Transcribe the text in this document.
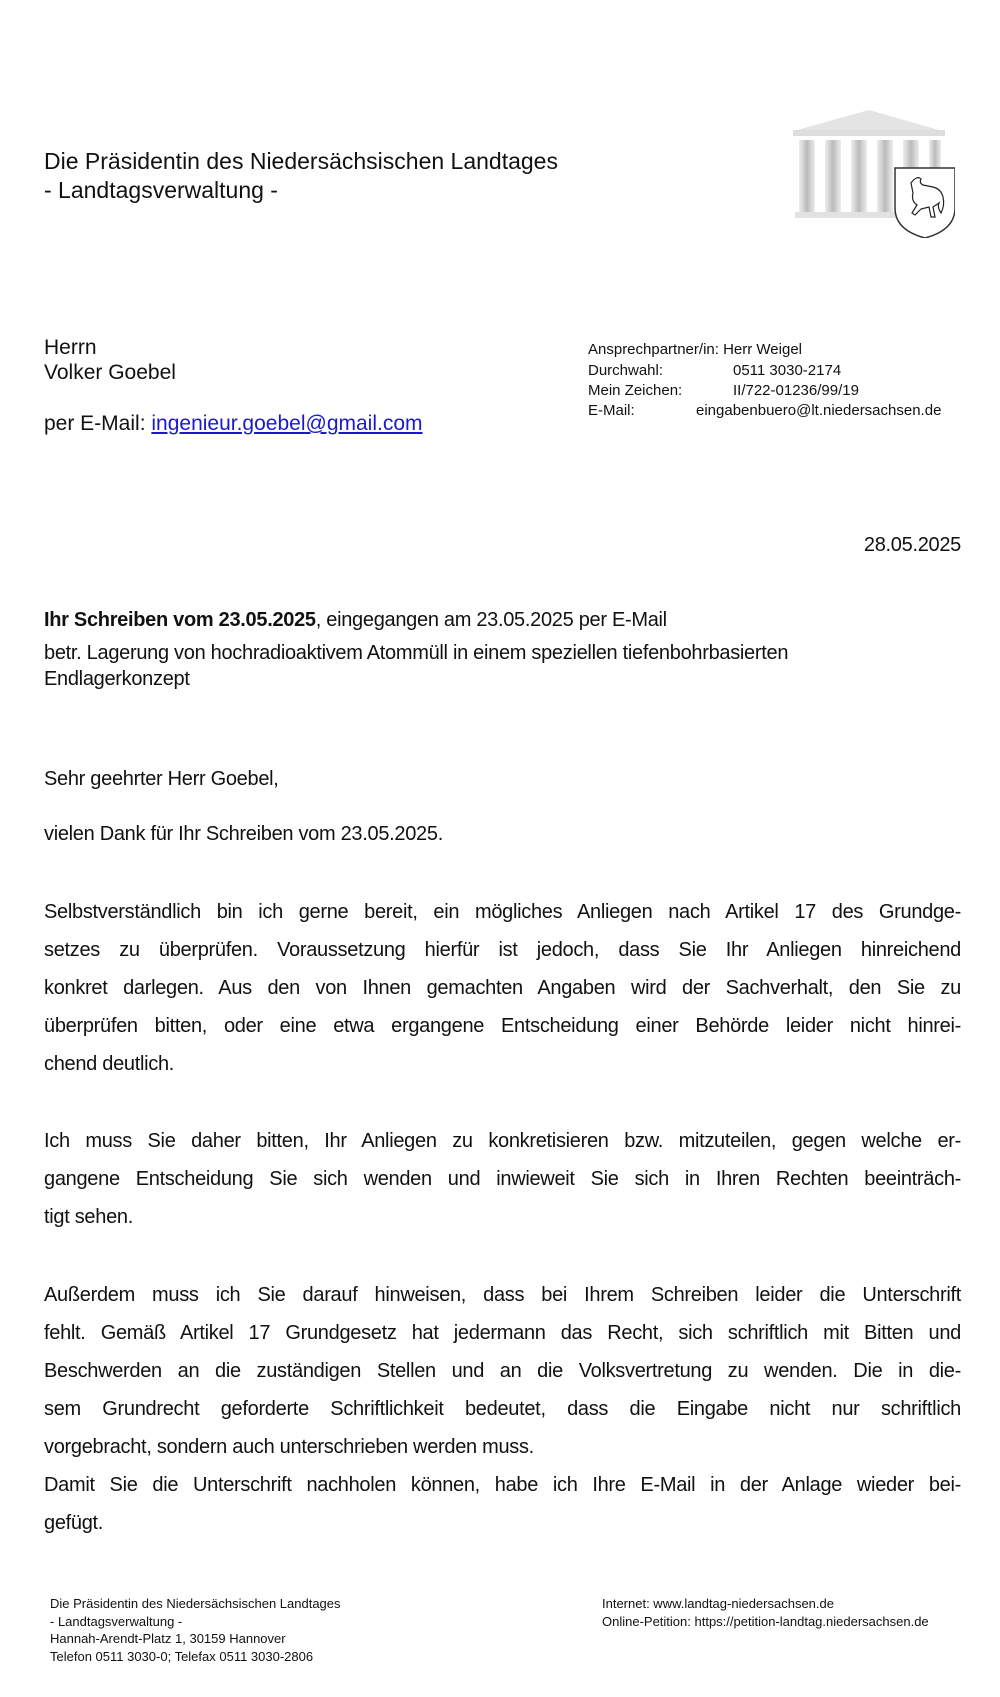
Die Präsidentin des Niedersächsischen Landtages
- Landtagsverwaltung -
Herrn
Volker Goebel
per E-Mail: ingenieur.goebel@gmail.com
Ansprechpartner/in: Herr Weigel
Durchwahl:	0511 3030-2174
Mein Zeichen:	II/722-01236/99/19
E-Mail:	eingabenbuero@lt.niedersachsen.de
28.05.2025
Ihr Schreiben vom 23.05.2025, eingegangen am 23.05.2025 per E-Mail
betr. Lagerung von hochradioaktivem Atommüll in einem speziellen tiefenbohrbasierten
Endlagerkonzept
Sehr geehrter Herr Goebel,
vielen Dank für Ihr Schreiben vom 23.05.2025.
Selbstverständlich bin ich gerne bereit, ein mögliches Anliegen nach Artikel 17 des Grundge-
setzes zu überprüfen. Voraussetzung hierfür ist jedoch, dass Sie Ihr Anliegen hinreichend
konkret darlegen. Aus den von Ihnen gemachten Angaben wird der Sachverhalt, den Sie zu
überprüfen bitten, oder eine etwa ergangene Entscheidung einer Behörde leider nicht hinrei-
chend deutlich.
Ich muss Sie daher bitten, Ihr Anliegen zu konkretisieren bzw. mitzuteilen, gegen welche er-
gangene Entscheidung Sie sich wenden und inwieweit Sie sich in Ihren Rechten beeinträch-
tigt sehen.
Außerdem muss ich Sie darauf hinweisen, dass bei Ihrem Schreiben leider die Unterschrift
fehlt. Gemäß Artikel 17 Grundgesetz hat jedermann das Recht, sich schriftlich mit Bitten und
Beschwerden an die zuständigen Stellen und an die Volksvertretung zu wenden. Die in die-
sem Grundrecht geforderte Schriftlichkeit bedeutet, dass die Eingabe nicht nur schriftlich
vorgebracht, sondern auch unterschrieben werden muss.
Damit Sie die Unterschrift nachholen können, habe ich Ihre E-Mail in der Anlage wieder bei-
gefügt.
Die Präsidentin des Niedersächsischen Landtages
- Landtagsverwaltung -
Hannah-Arendt-Platz 1, 30159 Hannover
Telefon 0511 3030-0; Telefax 0511 3030-2806
Internet: www.landtag-niedersachsen.de
Online-Petition: https://petition-landtag.niedersachsen.de
